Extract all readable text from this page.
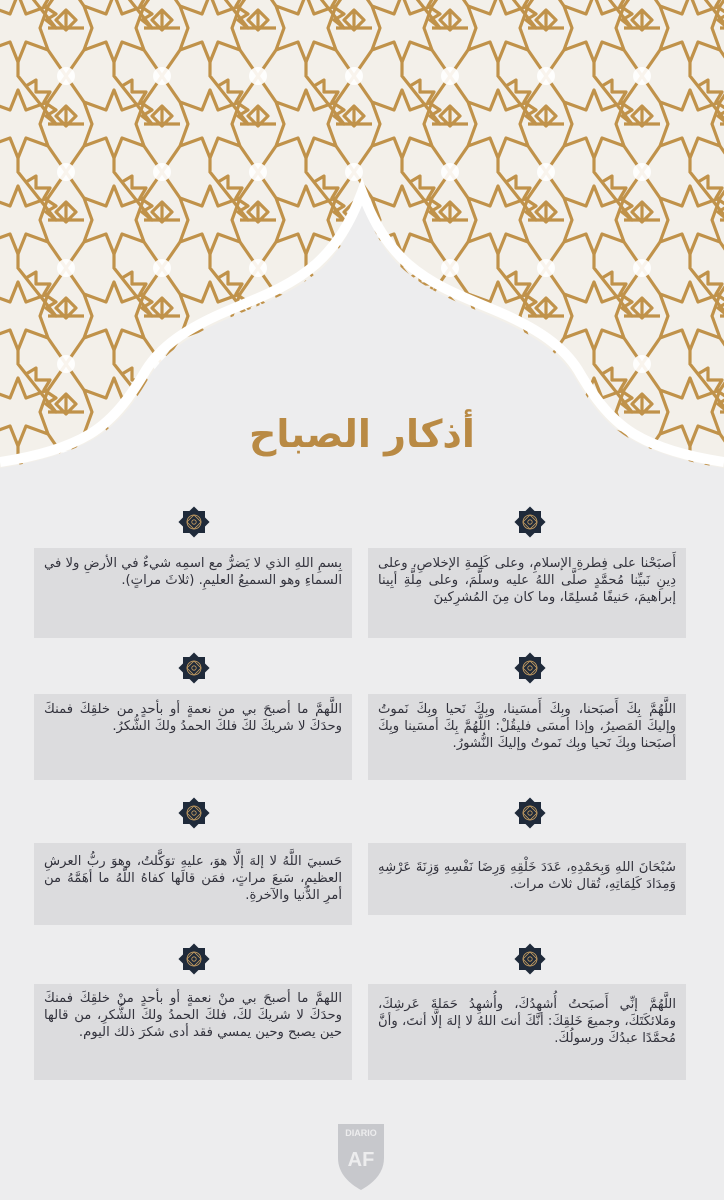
أذكار الصباح
أَصبَحْنا على فِطرةِ الإسلامِ، وعلى كَلِمةِ الإخلاصِ، وعلى دِينِ نَبيِّنا مُحمَّدٍ صلَّى اللهُ عليه وسلَّمَ، وعلى مِلَّةِ أبِينا إبراهيمَ، حَنيفًا مُسلِمًا، وما كان مِنَ المُشرِكينَ
اللَّهُمَّ بِكَ أَصبَحنا، وبِكَ أَمسَينا، وبِكَ نَحيا وبِكَ نَموتُ وإليكَ المَصيرُ، وإذا أمسَى فليقُلْ: اللَّهُمَّ بِكَ أمسَينا وبِكَ أصبَحنا وبِكَ نَحيا وبِك نَموتُ وإليكَ النُّشورُ.
سُبْحَانَ اللهِ وَبِحَمْدِهِ، عَدَدَ خَلْقِهِ وَرِضَا نَفْسِهِ وَزِنَةَ عَرْشِهِ وَمِدَادَ كَلِمَاتِهِ، تُقال ثلاث مرات.
اللَّهُمَّ إنِّي أَصبَحتُ أُشهِدُكَ، وأُشهِدُ حَمَلةَ عَرشِكَ، ومَلائكَتَكَ، وجميعَ خَلقِكَ: أنَّكَ أنتَ اللهُ لا إلهَ إلَّا أنتَ، وأنَّ مُحمَّدًا عبدُكَ ورسولُكَ.
بِسمِ اللهِ الذي لا يَضرُّ مع اسمِه شيءٌ في الأرضِ ولا في السماءِ وهو السميعُ العليمِ. (ثلاثَ مراتٍ).
اللَّهمَّ ما أصبحَ بي من نعمةٍ أو بأحدٍ من خلقِكَ فمنكَ وحدَكَ لا شريكَ لكَ فلكَ الحمدُ ولكَ الشُّكرُ.
حَسبيَ اللَّهُ لا إلهَ إلَّا هوَ، عليهِ توَكَّلتُ، وهوَ ربُّ العرشِ العظيمِ، سَبعَ مراتٍ، فمَن قالَها كفاهُ اللَّهُ ما أهَمَّهُ من أمرِ الدُّنيا والآخرةِ.
اللهمَّ ما أصبحَ بي منْ نعمةٍ أو بأحدٍ منْ خلقِكَ فمنكَ وحدَكَ لا شريكَ لكَ، فلكَ الحمدُ ولكَ الشُّكرِ، من قالها حين يصبح وحين يمسي فقد أدى شكرَ ذلك اليوم.
DIARIO
AF
